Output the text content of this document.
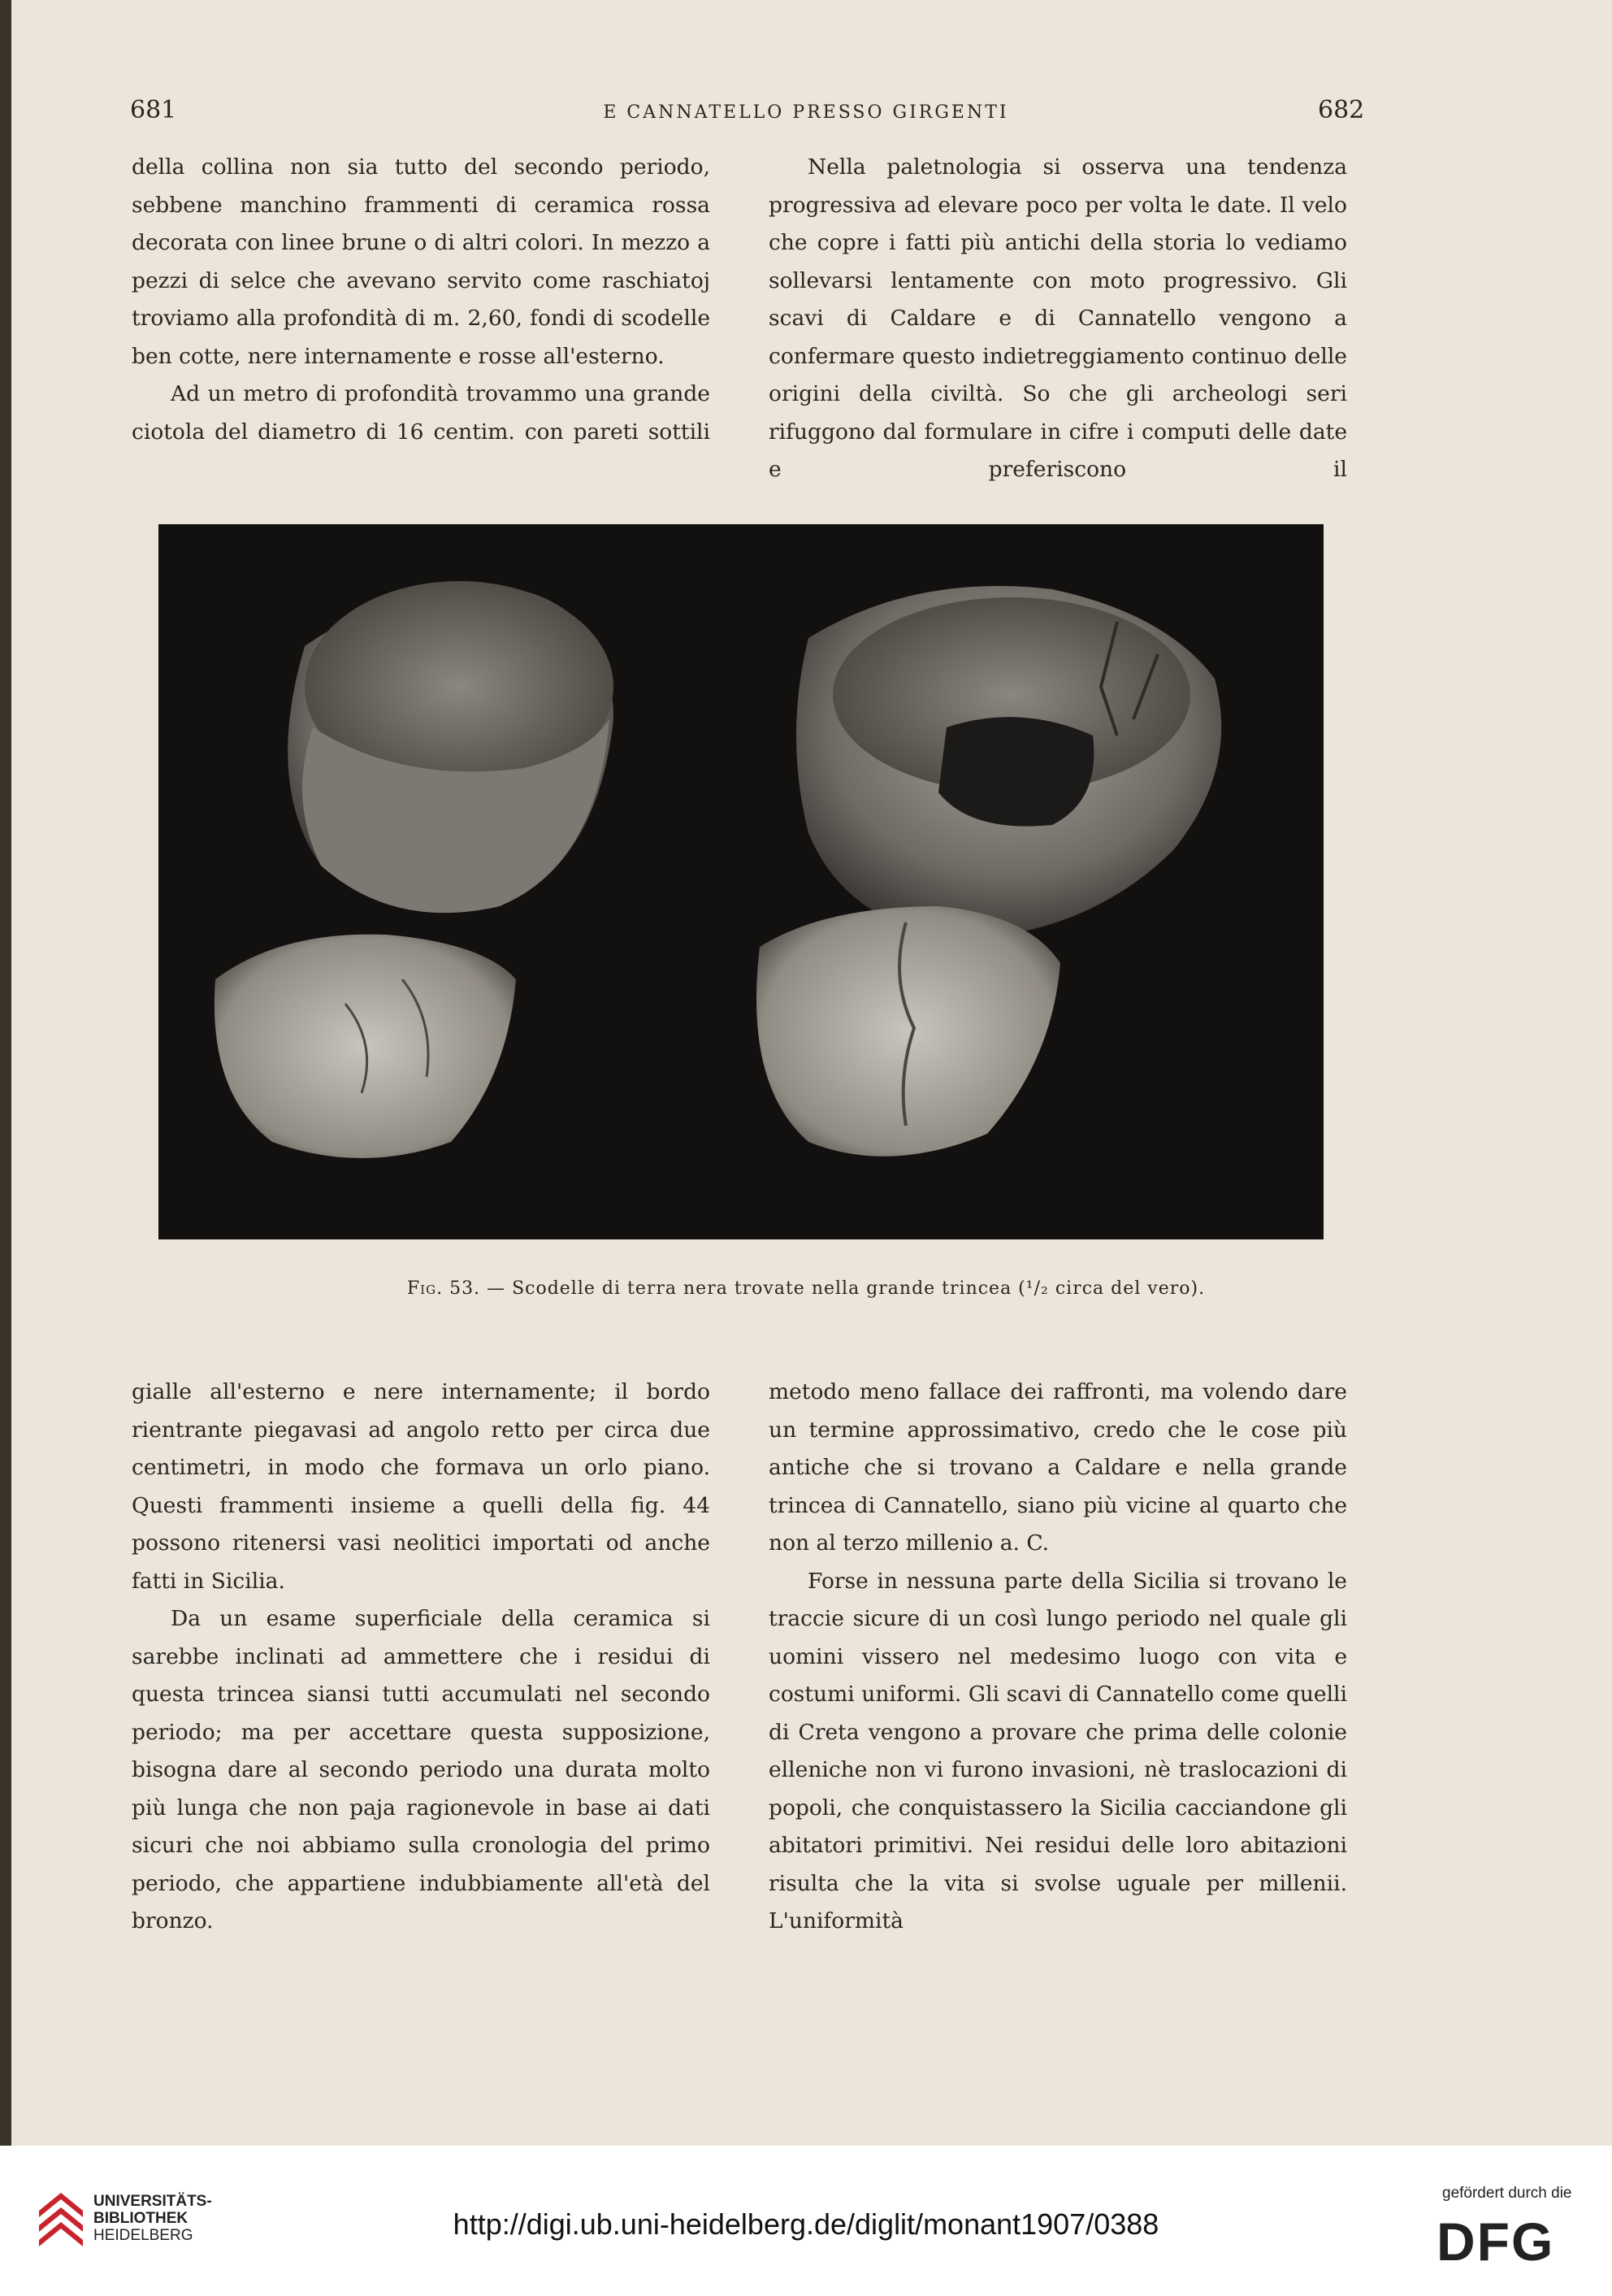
681	E CANNATELLO PRESSO GIRGENTI	682

della collina non sia tutto del secondo periodo, sebbene manchino frammenti di ceramica rossa decorata con linee brune o di altri colori. In mezzo a pezzi di selce che avevano servito come raschiatoj troviamo alla profondità di m. 2,60, fondi di scodelle ben cotte, nere internamente e rosse all'esterno.

Ad un metro di profondità trovammo una grande ciotola del diametro di 16 centim. con pareti sottili

Nella paletnologia si osserva una tendenza progressiva ad elevare poco per volta le date. Il velo che copre i fatti più antichi della storia lo vediamo sollevarsi lentamente con moto progressivo. Gli scavi di Caldare e di Cannatello vengono a confermare questo indietreggiamento continuo delle origini della civiltà. So che gli archeologi seri rifuggono dal formulare in cifre i computi delle date e preferiscono il

Fig. 53. — Scodelle di terra nera trovate nella grande trincea (¹/₂ circa del vero).

gialle all'esterno e nere internamente; il bordo rientrante piegavasi ad angolo retto per circa due centimetri, in modo che formava un orlo piano. Questi frammenti insieme a quelli della fig. 44 possono ritenersi vasi neolitici importati od anche fatti in Sicilia.

Da un esame superficiale della ceramica si sarebbe inclinati ad ammettere che i residui di questa trincea siansi tutti accumulati nel secondo periodo; ma per accettare questa supposizione, bisogna dare al secondo periodo una durata molto più lunga che non paja ragionevole in base ai dati sicuri che noi abbiamo sulla cronologia del primo periodo, che appartiene indubbiamente all'età del bronzo.

metodo meno fallace dei raffronti, ma volendo dare un termine approssimativo, credo che le cose più antiche che si trovano a Caldare e nella grande trincea di Cannatello, siano più vicine al quarto che non al terzo millenio a. C.

Forse in nessuna parte della Sicilia si trovano le traccie sicure di un così lungo periodo nel quale gli uomini vissero nel medesimo luogo con vita e costumi uniformi. Gli scavi di Cannatello come quelli di Creta vengono a provare che prima delle colonie elleniche non vi furono invasioni, nè traslocazioni di popoli, che conquistassero la Sicilia cacciandone gli abitatori primitivi. Nei residui delle loro abitazioni risulta che la vita si svolse uguale per millenii. L'uniformità

UNIVERSITÄTS-
BIBLIOTHEK
HEIDELBERG	http://digi.ub.uni-heidelberg.de/diglit/monant1907/0388
gefördert durch die
DFG
